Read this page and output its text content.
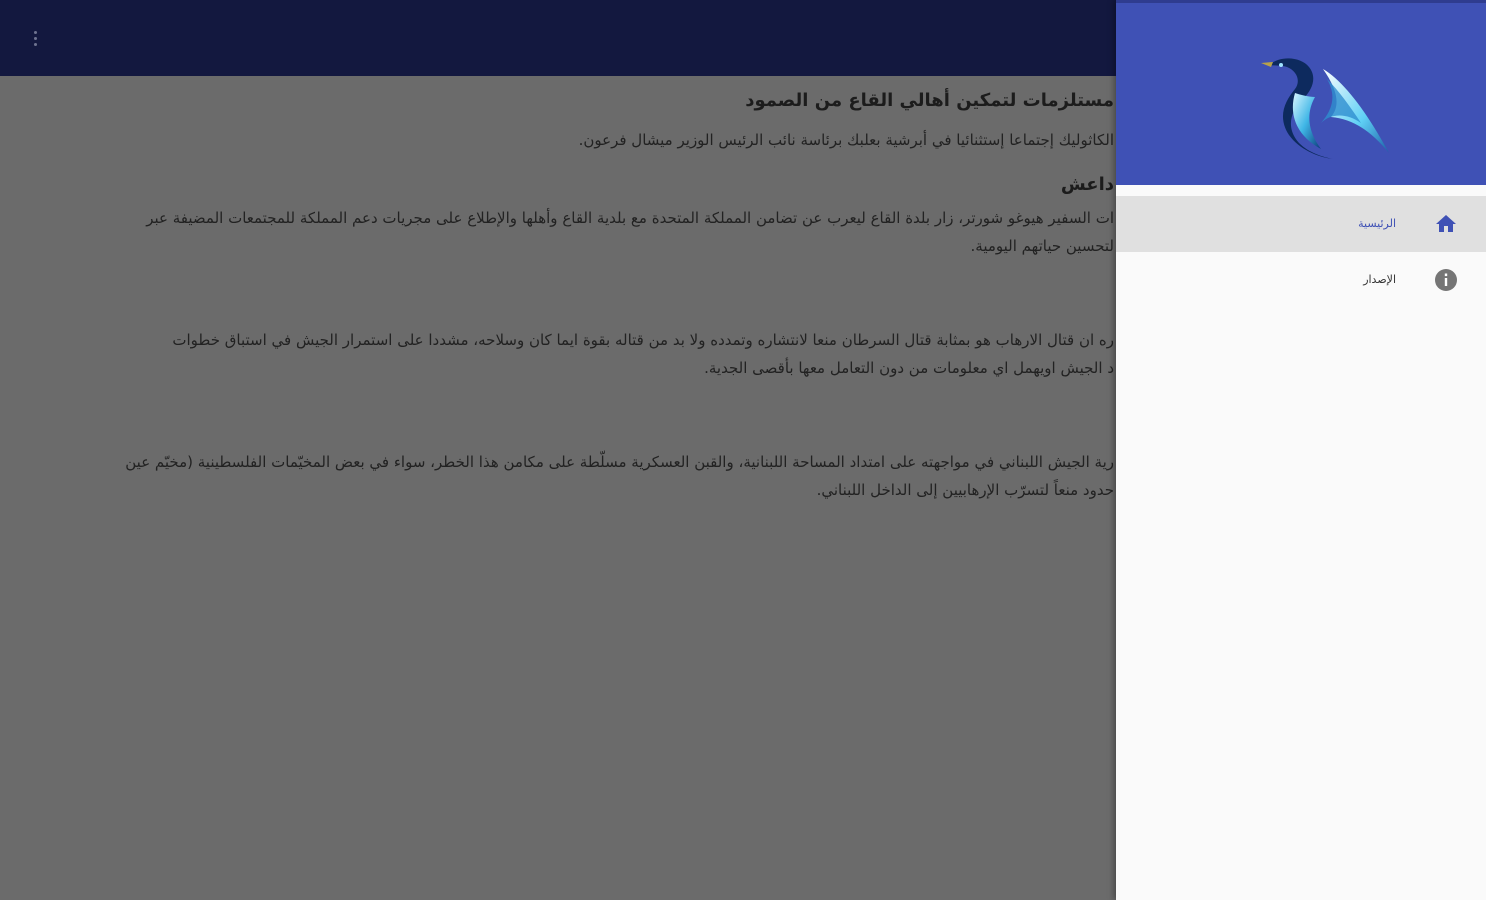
مستلزمات لتمكين أهالي القاع من الصمود

الكاثوليك إجتماعا إستثنائيا في أبرشية بعلبك برئاسة نائب الرئيس الوزير ميشال فرعون.

داعش
ات السفير هيوغو شورتر، زار بلدة القاع ليعرب عن تضامن المملكة المتحدة مع بلدية القاع وأهلها والإطلاع على مجريات دعم المملكة للمجتمعات المضيفة عبر
لتحسين حياتهم اليومية.
ره ان قتال الارهاب هو بمثابة قتال السرطان منعا لانتشاره وتمدده ولا بد من قتاله بقوة ايما كان وسلاحه، مشددا على استمرار الجيش في استباق خطوات
د الجيش اويهمل اي معلومات من دون التعامل معها بأقصى الجدية.
رية الجيش اللبناني في مواجهته على امتداد المساحة اللبنانية، والقبن العسكرية مسلّطة على مكامن هذا الخطر، سواء في بعض المخيّمات الفلسطينية (مخيّم عين
حدود منعاً لتسرّب الإرهابيين إلى الداخل اللبناني.
الرئيسية
الإصدار
